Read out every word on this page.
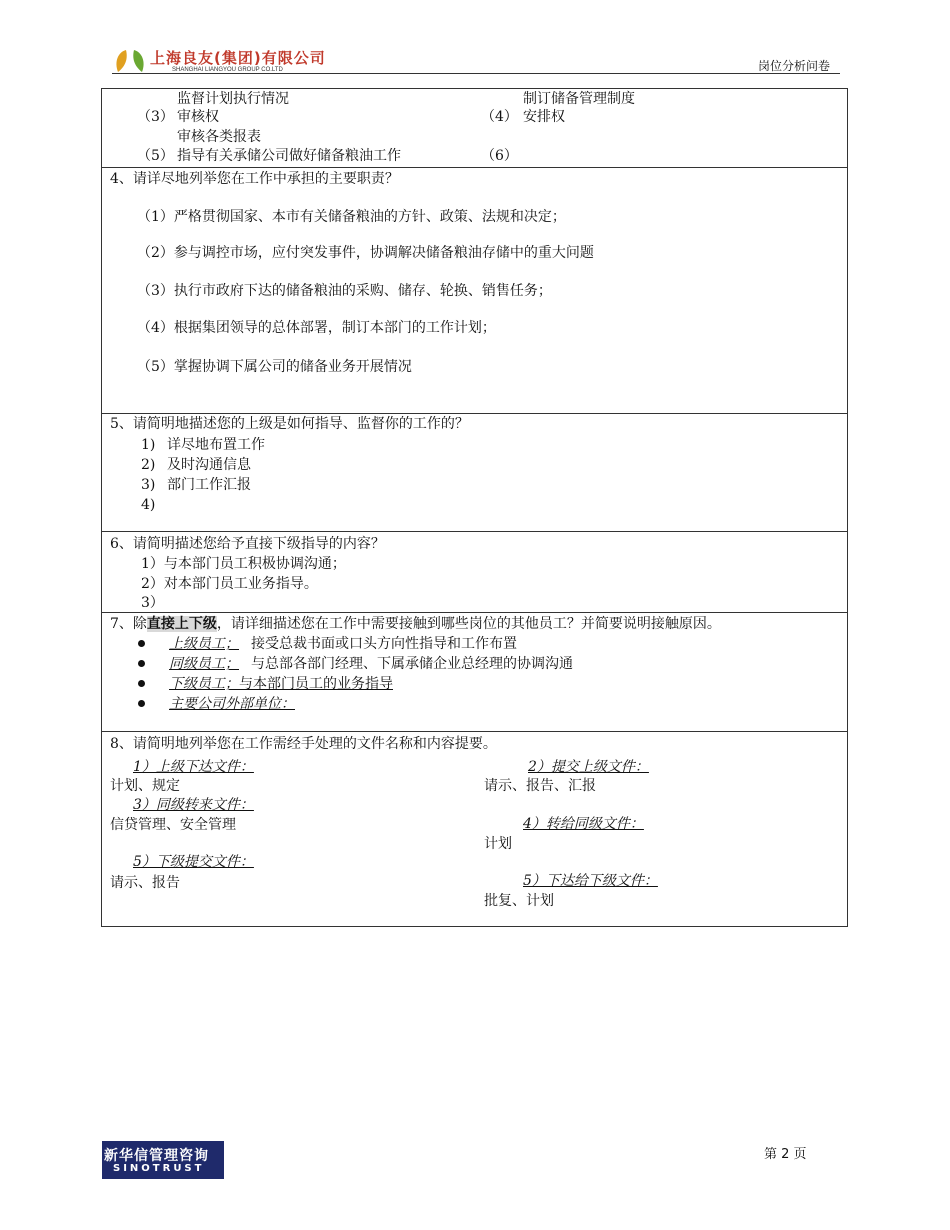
上海良友(集团)有限公司
SHANGHAI LIANGYOU GROUP CO.LTD	岗位分析问卷
监督计划执行情况	制订储备管理制度
（3） 审核权	（4） 安排权
审核各类报表
（5） 指导有关承储公司做好储备粮油工作	（6）
4、请详尽地列举您在工作中承担的主要职责？
（1）严格贯彻国家、本市有关储备粮油的方针、政策、法规和决定；
（2）参与调控市场，应付突发事件，协调解决储备粮油存储中的重大问题
（3）执行市政府下达的储备粮油的采购、储存、轮换、销售任务；
（4）根据集团领导的总体部署，制订本部门的工作计划；
（5）掌握协调下属公司的储备业务开展情况
5、请简明地描述您的上级是如何指导、监督你的工作的？
1) 详尽地布置工作
2) 及时沟通信息
3) 部门工作汇报
4)
6、请简明描述您给予直接下级指导的内容？
1）与本部门员工积极协调沟通；
2）对本部门员工业务指导。
3）
7、除直接上下级，请详细描述您在工作中需要接触到哪些岗位的其他员工？并简要说明接触原因。
上级员工； 接受总裁书面或口头方向性指导和工作布置
同级员工； 与总部各部门经理、下属承储企业总经理的协调沟通
下级员工；与本部门员工的业务指导
主要公司外部单位：
8、请简明地列举您在工作需经手处理的文件名称和内容提要。
1）上级下达文件：
计划、规定
3）同级转来文件：
信贷管理、安全管理
5）下级提交文件：
请示、报告
2）提交上级文件：
请示、报告、汇报
4）转给同级文件：
计划
5）下达给下级文件：
批复、计划
新华信管理咨询
SINOTRUST
第 2 页
